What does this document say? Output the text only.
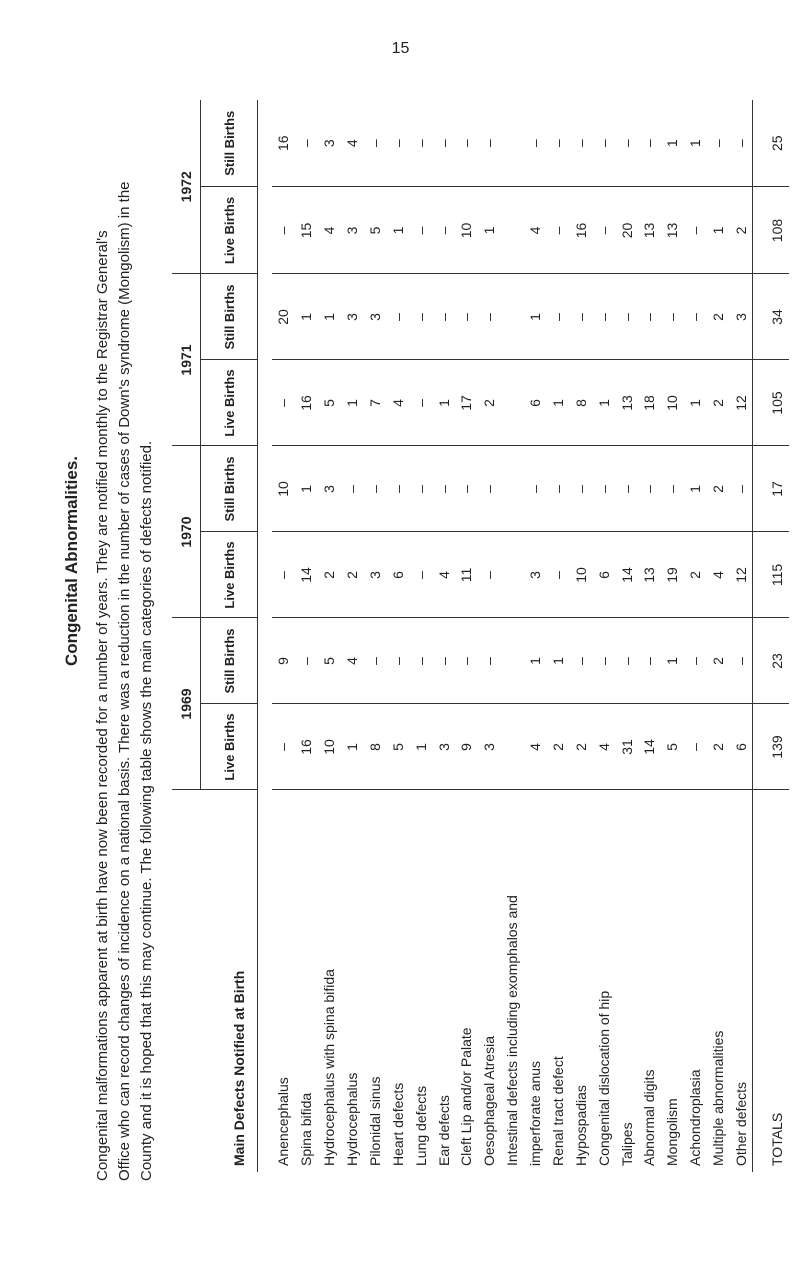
15
Congenital Abnormalities. Congenital malformations apparent at birth have now been recorded for a number of years. They are notified monthly to the Registrar General's Office who can record changes of incidence on a national basis. There was a reduction in the number of cases of Down's syndrome (Mongolism) in the County and it is hoped that this may continue. The following table shows the main categories of defects notified.	Main Defects Notified at Birth	1969		1970		1971		1972	
	Live Births	Still Births	Live Births	Still Births	Live Births	Still Births	Live Births	Still Births

Anencephalus	–	9	–	10	–	20	–	16
Spina bifida	16	–	14	1	16	1	15	–
Hydrocephalus with spina bifida	10	5	2	3	5	1	4	3
Hydrocephalus	1	4	2	–	1	3	3	4
Pilonidal sinus	8	–	3	–	7	3	5	–
Heart defects	5	–	6	–	4	–	1	–
Lung defects	1	–	–	–	–	–	–	–
Ear defects	3	–	4	–	1	–	–	–
Cleft Lip and/or Palate	9	–	11	–	17	–	10	–
Oesophageal Atresia	3	–	–	–	2	–	1	–
Intestinal defects including exomphalos and								
imperforate anus	4	1	3	–	6	1	4	–
Renal tract defect	2	1	–	–	1	–	–	–
Hypospadias	2	–	10	–	8	–	16	–
Congenital dislocation of hip	4	–	6	–	1	–	–	–
Talipes	31	–	14	–	13	–	20	–
Abnormal digits	14	–	13	–	18	–	13	–
Mongolism	5	1	19	–	10	–	13	1
Achondroplasia	–	–	2	1	1	–	–	1
Multiple abnormalities	2	2	4	2	2	2	1	–
Other defects	6	–	12	–	12	3	2	–
TOTALS	139	23	115	17	105	34	108	25
